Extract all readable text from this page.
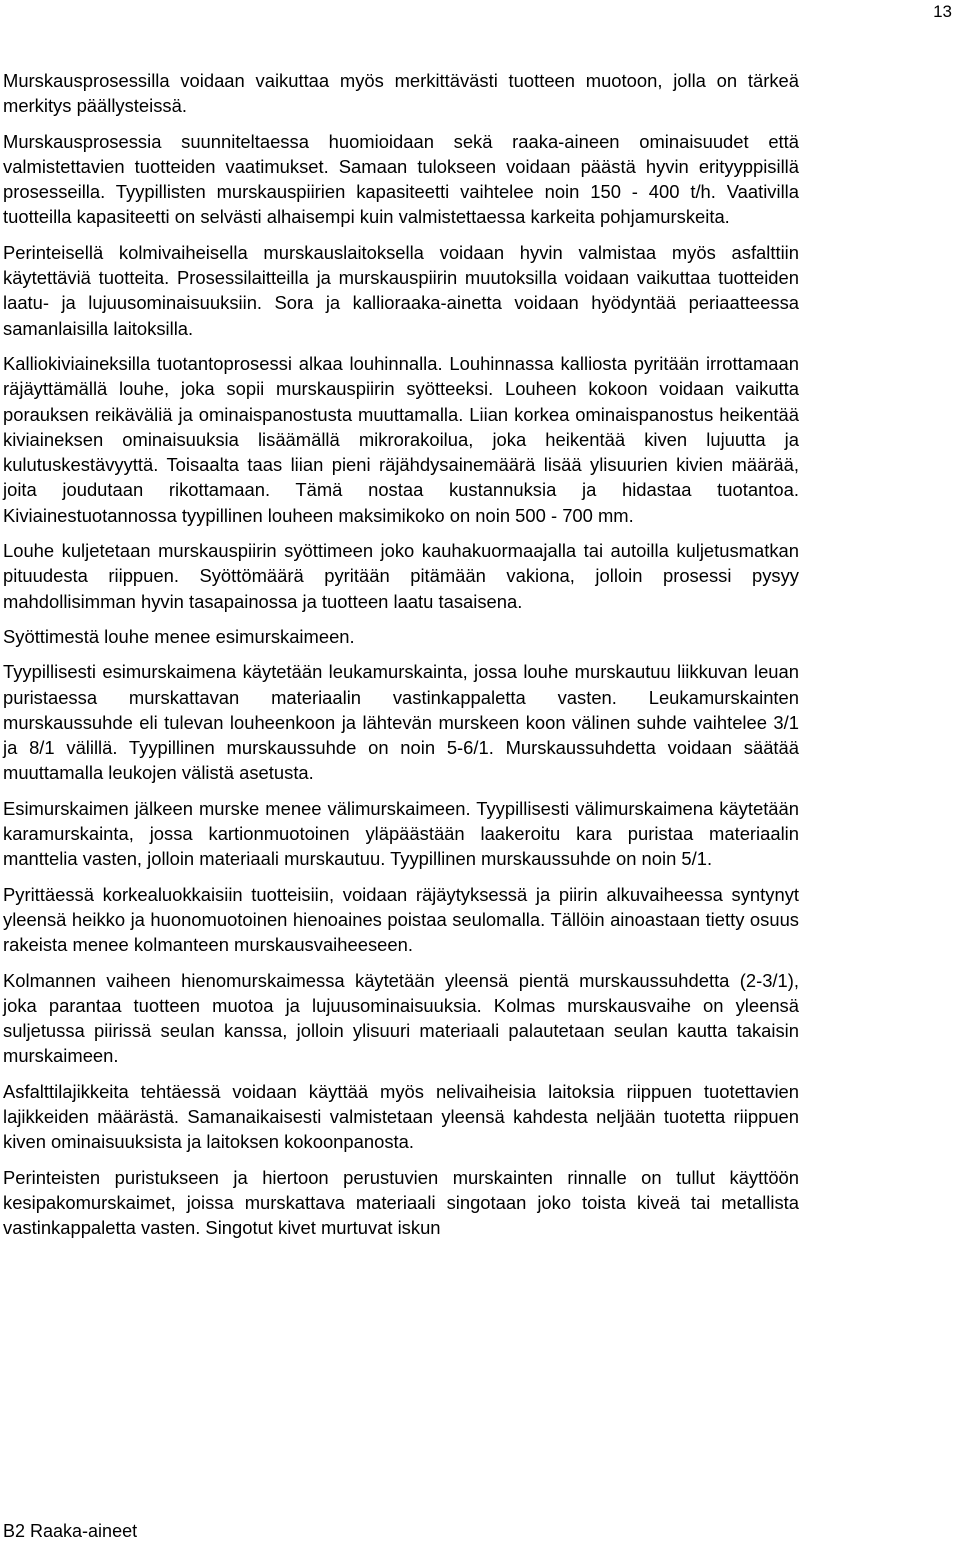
13

Murskausprosessilla voidaan vaikuttaa myös merkittävästi tuotteen muotoon, jolla on tärkeä merkitys päällysteissä.

Murskausprosessia suunniteltaessa huomioidaan sekä raaka-aineen ominaisuudet että valmistettavien tuotteiden vaatimukset. Samaan tulokseen voidaan päästä hyvin erityyppisillä prosesseilla. Tyypillisten murskauspiirien kapasiteetti vaihtelee noin 150 - 400 t/h. Vaativilla tuotteilla kapasiteetti on selvästi alhaisempi kuin valmistettaessa karkeita pohjamurskeita.

Perinteisellä kolmivaiheisella murskauslaitoksella voidaan hyvin valmistaa myös asfalttiin käytettäviä tuotteita. Prosessilaitteilla ja murskauspiirin muutoksilla voidaan vaikuttaa tuotteiden laatu- ja lujuusominaisuuksiin. Sora ja kallioraaka-ainetta voidaan hyödyntää periaatteessa samanlaisilla laitoksilla.

Kalliokiviaineksilla tuotantoprosessi alkaa louhinnalla. Louhinnassa kalliosta pyritään irrottamaan räjäyttämällä louhe, joka sopii murskauspiirin syötteeksi. Louheen kokoon voidaan vaikutta porauksen reikäväliä ja ominaispanostusta muuttamalla. Liian korkea ominaispanostus heikentää kiviaineksen ominaisuuksia lisäämällä mikrorakoilua, joka heikentää kiven lujuutta ja kulutuskestävyyttä. Toisaalta taas liian pieni räjähdysainemäärä lisää ylisuurien kivien määrää, joita joudutaan rikottamaan. Tämä nostaa kustannuksia ja hidastaa tuotantoa. Kiviainestuotannossa tyypillinen louheen maksimikoko on noin 500 - 700 mm.

Louhe kuljetetaan murskauspiirin syöttimeen joko kauhakuormaajalla tai autoilla kuljetusmatkan pituudesta riippuen. Syöttömäärä pyritään pitämään vakiona, jolloin prosessi pysyy mahdollisimman hyvin tasapainossa ja tuotteen laatu tasaisena.

Syöttimestä louhe menee esimurskaimeen.

Tyypillisesti esimurskaimena käytetään leukamurskainta, jossa louhe murskautuu liikkuvan leuan puristaessa murskattavan materiaalin vastinkappaletta vasten. Leukamurskainten murskaussuhde eli tulevan louheenkoon ja lähtevän murskeen koon välinen suhde vaihtelee 3/1 ja 8/1 välillä. Tyypillinen murskaussuhde on noin 5-6/1. Murskaussuhdetta voidaan säätää muuttamalla leukojen välistä asetusta.

Esimurskaimen jälkeen murske menee välimurskaimeen. Tyypillisesti välimurskaimena käytetään karamurskainta, jossa kartionmuotoinen yläpäästään laakeroitu kara puristaa materiaalin manttelia vasten, jolloin materiaali murskautuu. Tyypillinen murskaussuhde on noin 5/1.

Pyrittäessä korkealuokkaisiin tuotteisiin, voidaan räjäytyksessä ja piirin alkuvaiheessa syntynyt yleensä heikko ja huonomuotoinen hienoaines poistaa seulomalla. Tällöin ainoastaan tietty osuus rakeista menee kolmanteen murskausvaiheeseen.

Kolmannen vaiheen hienomurskaimessa käytetään yleensä pientä murskaussuhdetta (2-3/1), joka parantaa tuotteen muotoa ja lujuusominaisuuksia. Kolmas murskausvaihe on yleensä suljetussa piirissä seulan kanssa, jolloin ylisuuri materiaali palautetaan seulan kautta takaisin murskaimeen.

Asfalttilajikkeita tehtäessä voidaan käyttää myös nelivaiheisia laitoksia riippuen tuotettavien lajikkeiden määrästä. Samanaikaisesti valmistetaan yleensä kahdesta neljään tuotetta riippuen kiven ominaisuuksista ja laitoksen kokoonpanosta.

Perinteisten puristukseen ja hiertoon perustuvien murskainten rinnalle on tullut käyttöön kesipakomurskaimet, joissa murskattava materiaali singotaan joko toista kiveä tai metallista vastinkappaletta vasten. Singotut kivet murtuvat iskun

B2 Raaka-aineet
